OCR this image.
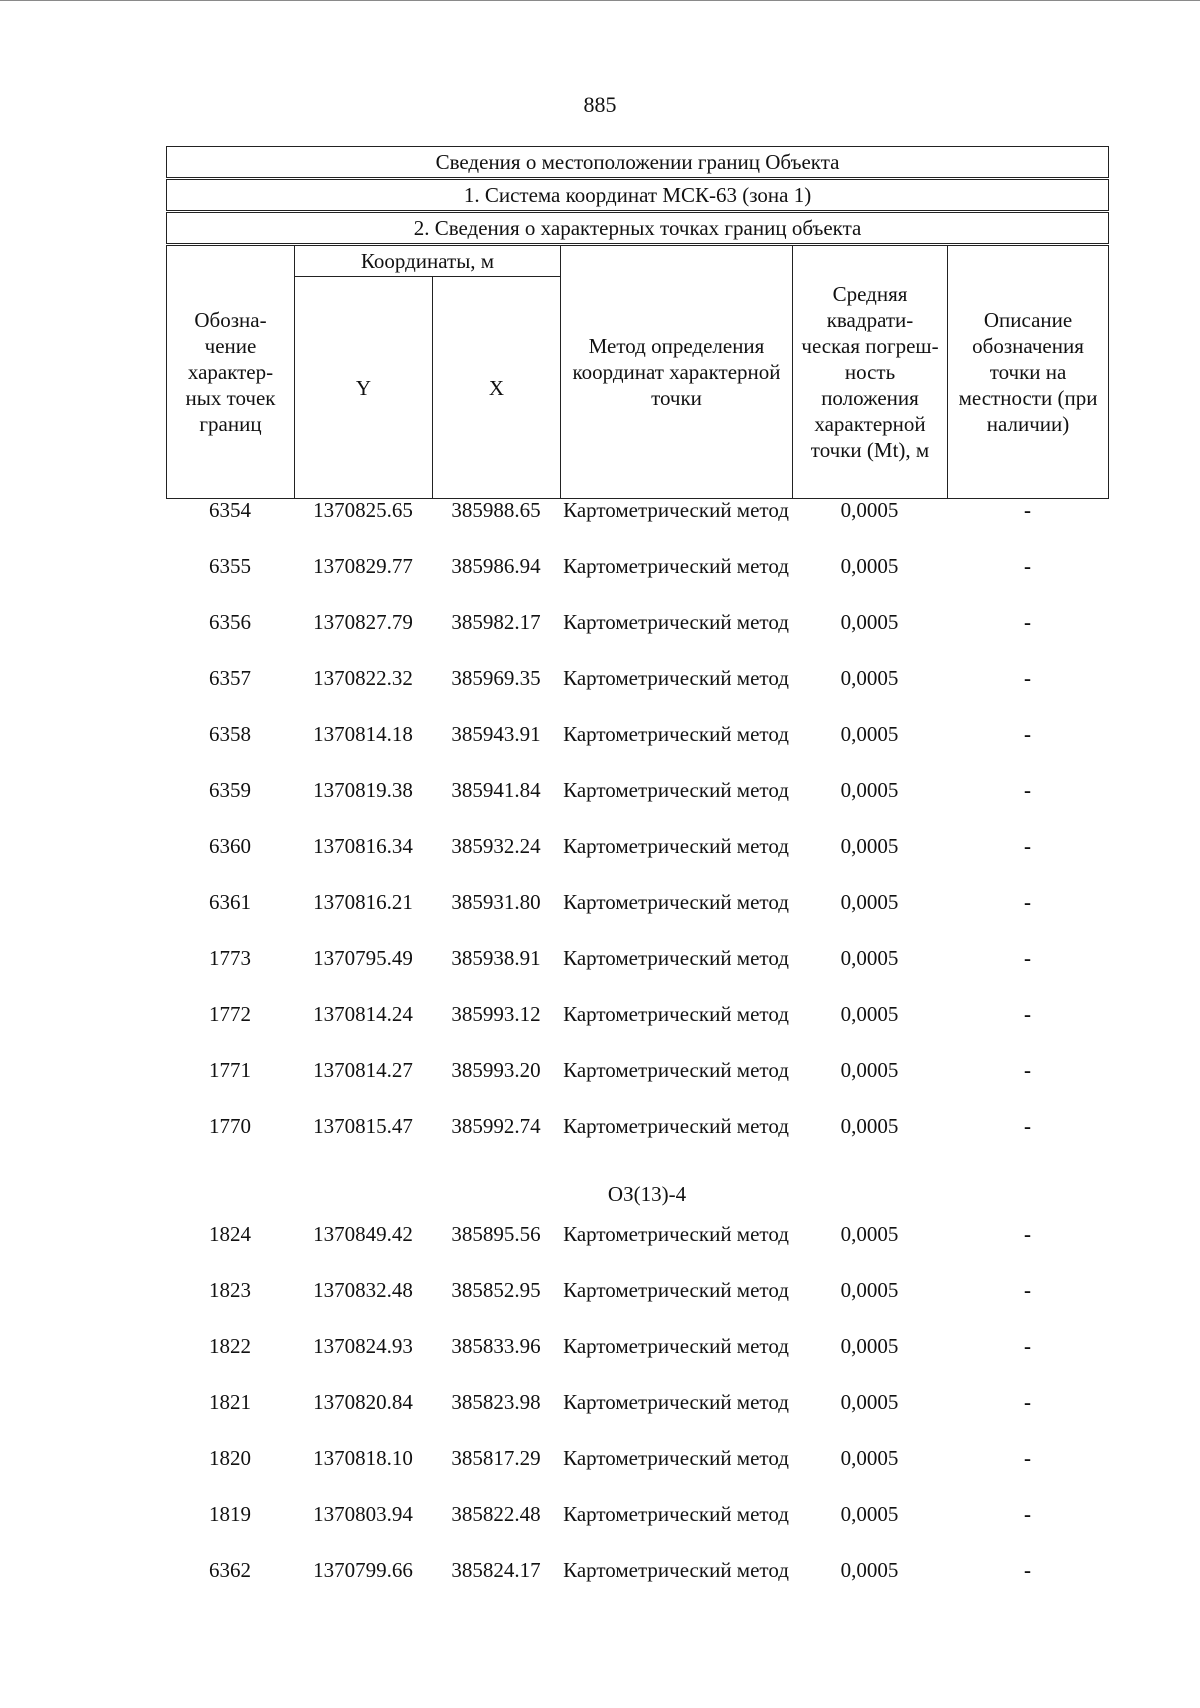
885
Сведения о местоположении границ Объекта					
1. Система координат МСК-63 (зона 1)					
2. Сведения о характерных точках границ объекта					
Обозна-чение характер-ных точек границ	Координаты, м		Метод определения координат характерной точки	Средняя квадрати-ческая погреш-ность положения характерной точки (Mt), м	Описание обозначения точки на местности (при наличии)
	Y	X			
6354	1370825.65	385988.65	Картометрический метод	0,0005	-
6355	1370829.77	385986.94	Картометрический метод	0,0005	-
6356	1370827.79	385982.17	Картометрический метод	0,0005	-
6357	1370822.32	385969.35	Картометрический метод	0,0005	-
6358	1370814.18	385943.91	Картометрический метод	0,0005	-
6359	1370819.38	385941.84	Картометрический метод	0,0005	-
6360	1370816.34	385932.24	Картометрический метод	0,0005	-
6361	1370816.21	385931.80	Картометрический метод	0,0005	-
1773	1370795.49	385938.91	Картометрический метод	0,0005	-
1772	1370814.24	385993.12	Картометрический метод	0,0005	-
1771	1370814.27	385993.20	Картометрический метод	0,0005	-
1770	1370815.47	385992.74	Картометрический метод	0,0005	-
ОЗ(13)-4
1824	1370849.42	385895.56	Картометрический метод	0,0005	-
1823	1370832.48	385852.95	Картометрический метод	0,0005	-
1822	1370824.93	385833.96	Картометрический метод	0,0005	-
1821	1370820.84	385823.98	Картометрический метод	0,0005	-
1820	1370818.10	385817.29	Картометрический метод	0,0005	-
1819	1370803.94	385822.48	Картометрический метод	0,0005	-
6362	1370799.66	385824.17	Картометрический метод	0,0005	-
